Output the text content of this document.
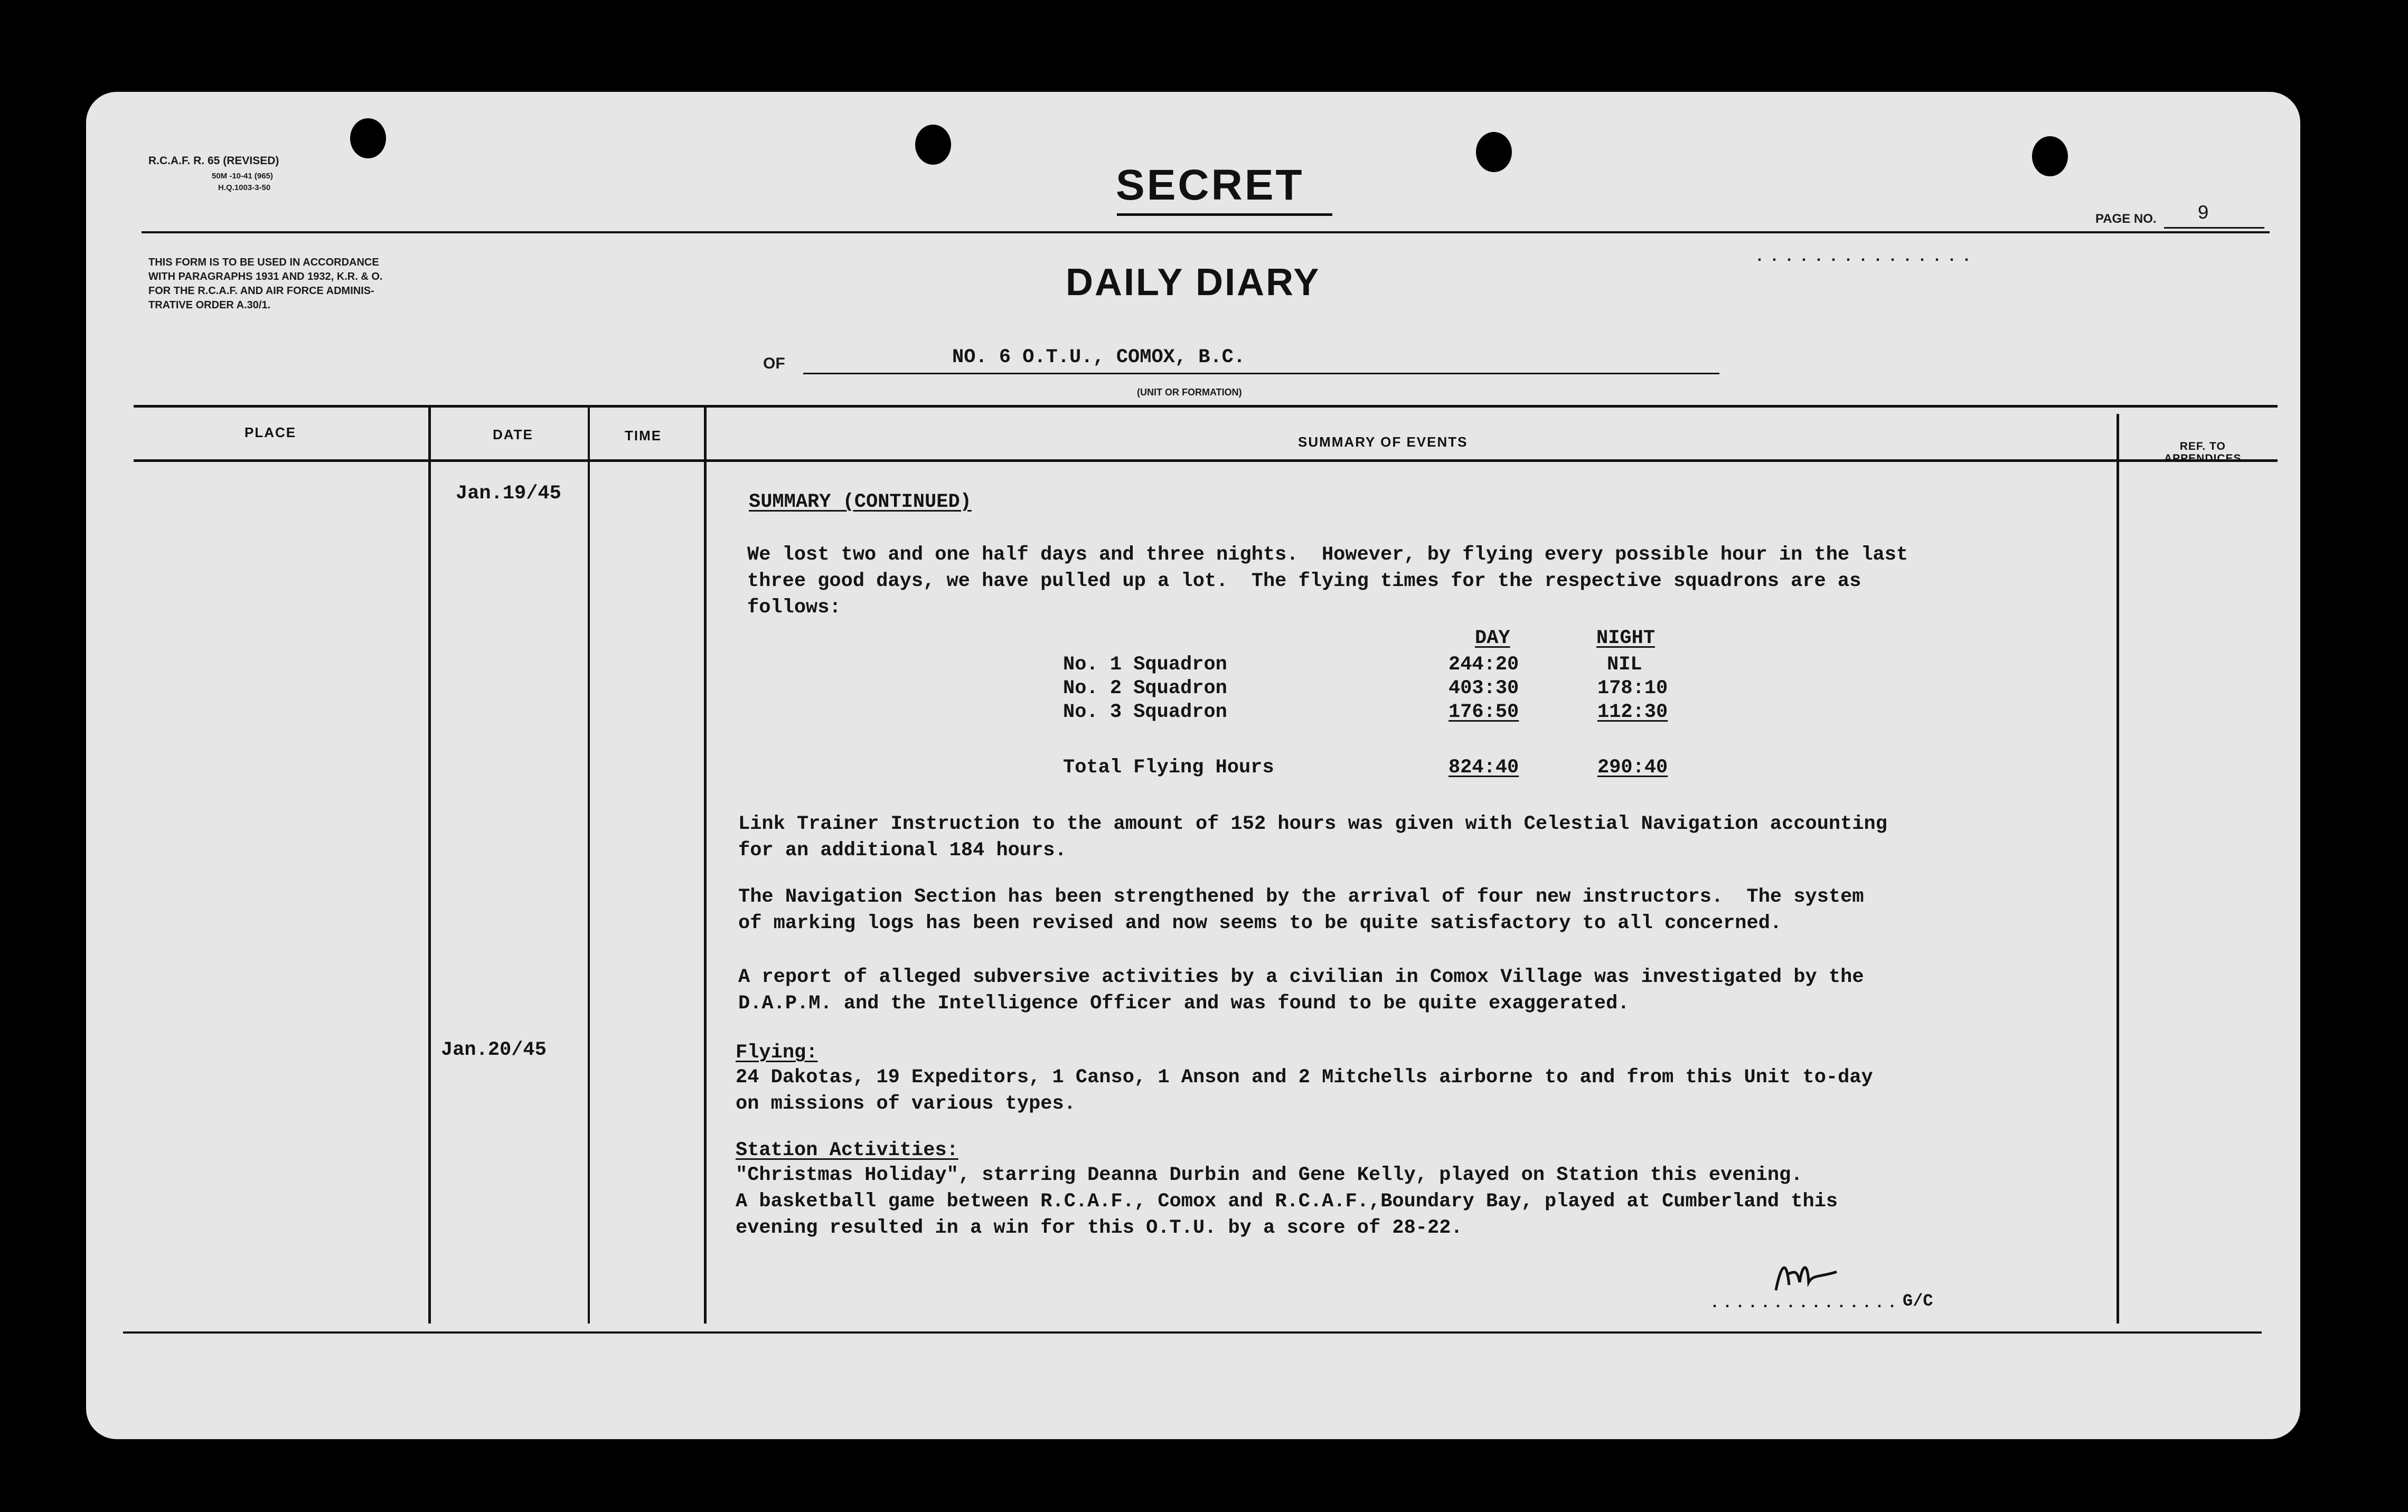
R.C.A.F. R. 65 (REVISED)
50M -10-41 (965)
H.Q.1003-3-50	SECRET
PAGE NO. 9
THIS FORM IS TO BE USED IN ACCORDANCE
WITH PARAGRAPHS 1931 AND 1932, K.R. & O.
FOR THE R.C.A.F. AND AIR FORCE ADMINIS-
TRATIVE ORDER A.30/1.
DAILY DIARY
...............
OF	NO. 6 O.T.U., COMOX, B.C.
(UNIT OR FORMATION)
PLACE	DATE	TIME	SUMMARY OF EVENTS	REF. TO
APPENDICES
Jan.19/45
Jan.20/45
SUMMARY (CONTINUED)
We lost two and one half days and three nights.  However, by flying every possible hour in the last
three good days, we have pulled up a lot.  The flying times for the respective squadrons are as
follows:
DAY	NIGHT
No. 1 Squadron	244:20	NIL
No. 2 Squadron	403:30	178:10
No. 3 Squadron	176:50	112:30
Total Flying Hours	824:40	290:40
Link Trainer Instruction to the amount of 152 hours was given with Celestial Navigation accounting
for an additional 184 hours.
The Navigation Section has been strengthened by the arrival of four new instructors.  The system
of marking logs has been revised and now seems to be quite satisfactory to all concerned.
A report of alleged subversive activities by a civilian in Comox Village was investigated by the
D.A.P.M. and the Intelligence Officer and was found to be quite exaggerated.
Flying:
24 Dakotas, 19 Expeditors, 1 Canso, 1 Anson and 2 Mitchells airborne to and from this Unit to-day
on missions of various types.
Station Activities:
"Christmas Holiday", starring Deanna Durbin and Gene Kelly, played on Station this evening.
A basketball game between R.C.A.F., Comox and R.C.A.F.,Boundary Bay, played at Cumberland this
evening resulted in a win for this O.T.U. by a score of 28-22.
............... G/C
